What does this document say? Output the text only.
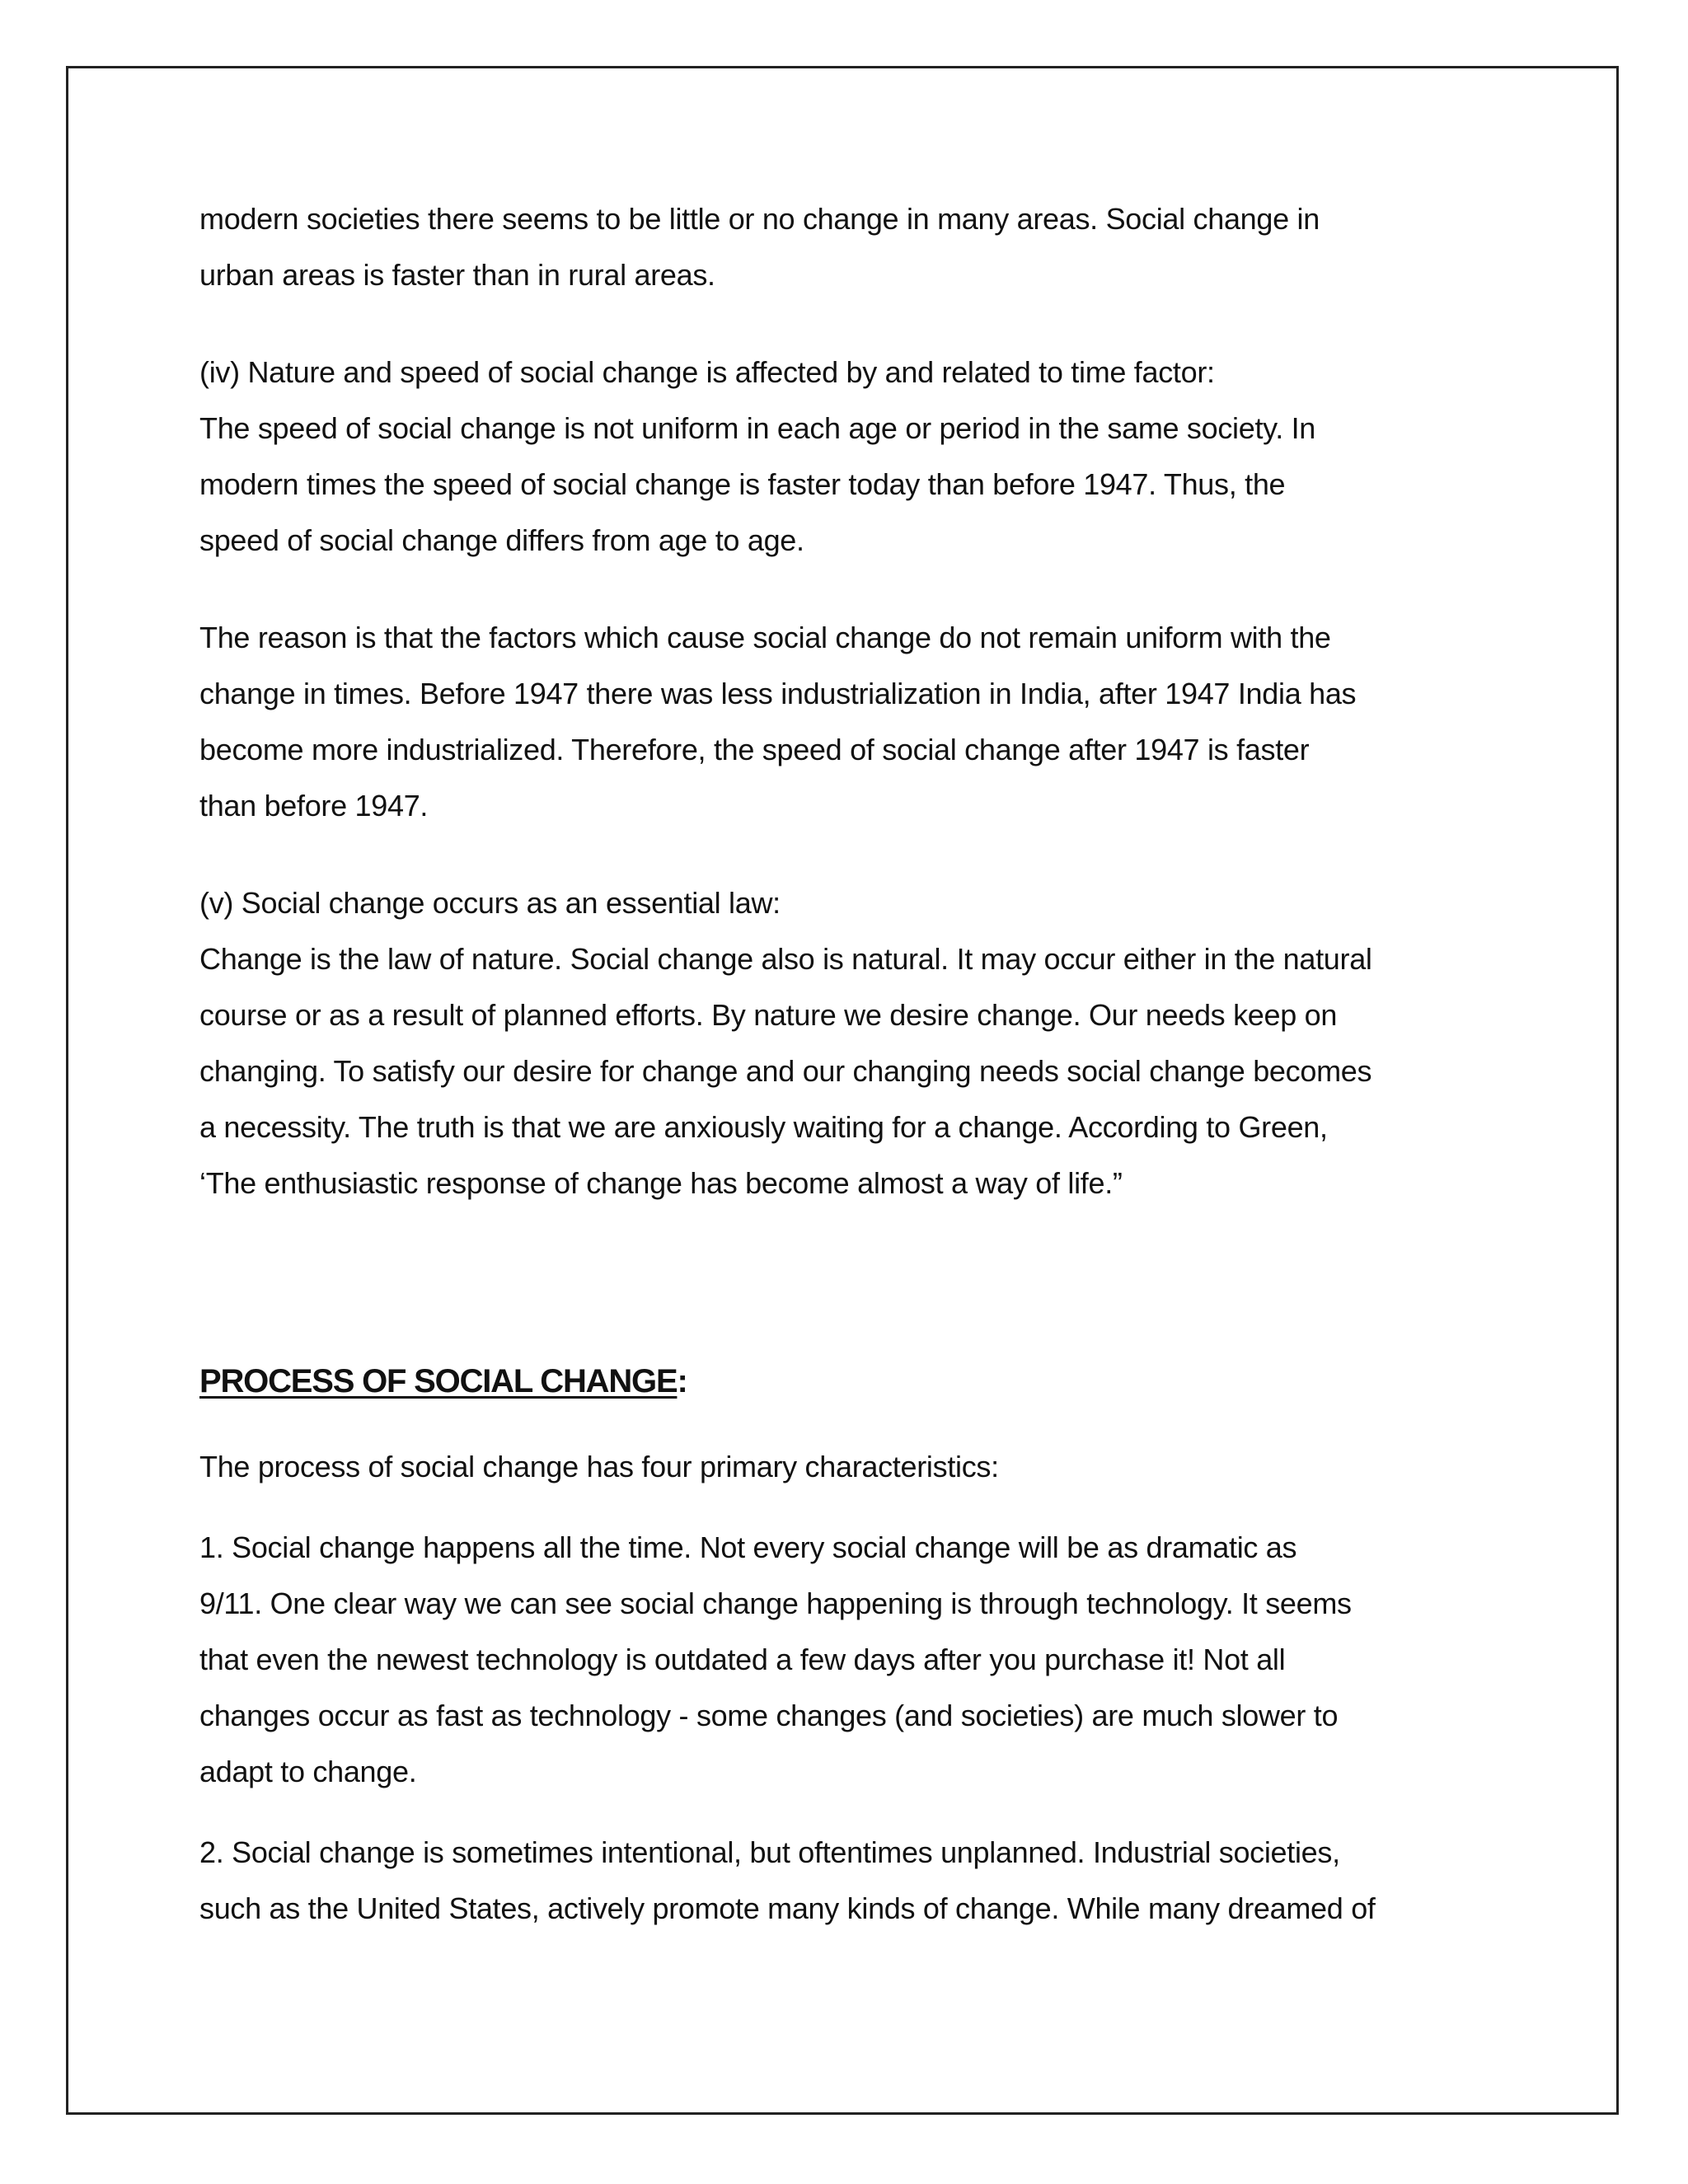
modern societies there seems to be little or no change in many areas. Social change in
urban areas is faster than in rural areas.

(iv) Nature and speed of social change is affected by and related to time factor:
The speed of social change is not uniform in each age or period in the same society. In
modern times the speed of social change is faster today than before 1947. Thus, the
speed of social change differs from age to age.

The reason is that the factors which cause social change do not remain uniform with the
change in times. Before 1947 there was less industrialization in India, after 1947 India has
become more industrialized. Therefore, the speed of social change after 1947 is faster
than before 1947.

(v) Social change occurs as an essential law:
Change is the law of nature. Social change also is natural. It may occur either in the natural
course or as a result of planned efforts. By nature we desire change. Our needs keep on
changing. To satisfy our desire for change and our changing needs social change becomes
a necessity. The truth is that we are anxiously waiting for a change. According to Green,
‘The enthusiastic response of change has become almost a way of life.”

PROCESS OF SOCIAL CHANGE:

The process of social change has four primary characteristics:

1. Social change happens all the time. Not every social change will be as dramatic as
9/11. One clear way we can see social change happening is through technology. It seems
that even the newest technology is outdated a few days after you purchase it! Not all
changes occur as fast as technology - some changes (and societies) are much slower to
adapt to change.

2. Social change is sometimes intentional, but oftentimes unplanned. Industrial societies,
such as the United States, actively promote many kinds of change. While many dreamed of
